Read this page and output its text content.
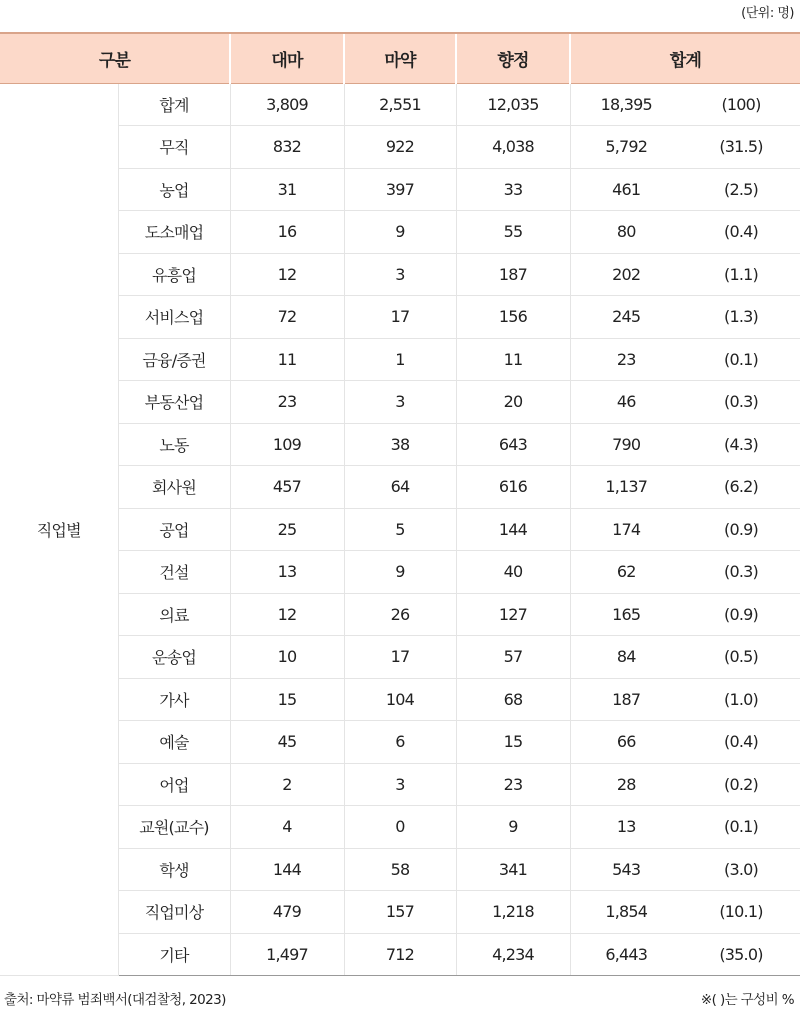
(단위: 명)
구분		대마	마약	향정	합계	
직업별	합계	3,809	2,551	12,035	18,395	(100)
	무직	832	922	4,038	5,792	(31.5)
	농업	31	397	33	461	(2.5)
	도소매업	16	9	55	80	(0.4)
	유흥업	12	3	187	202	(1.1)
	서비스업	72	17	156	245	(1.3)
	금융/증권	11	1	11	23	(0.1)
	부동산업	23	3	20	46	(0.3)
	노동	109	38	643	790	(4.3)
	회사원	457	64	616	1,137	(6.2)
	공업	25	5	144	174	(0.9)
	건설	13	9	40	62	(0.3)
	의료	12	26	127	165	(0.9)
	운송업	10	17	57	84	(0.5)
	가사	15	104	68	187	(1.0)
	예술	45	6	15	66	(0.4)
	어업	2	3	23	28	(0.2)
	교원(교수)	4	0	9	13	(0.1)
	학생	144	58	341	543	(3.0)
	직업미상	479	157	1,218	1,854	(10.1)
	기타	1,497	712	4,234	6,443	(35.0)
출처: 마약류 범죄백서(대검찰청, 2023)	※( )는 구성비 %
